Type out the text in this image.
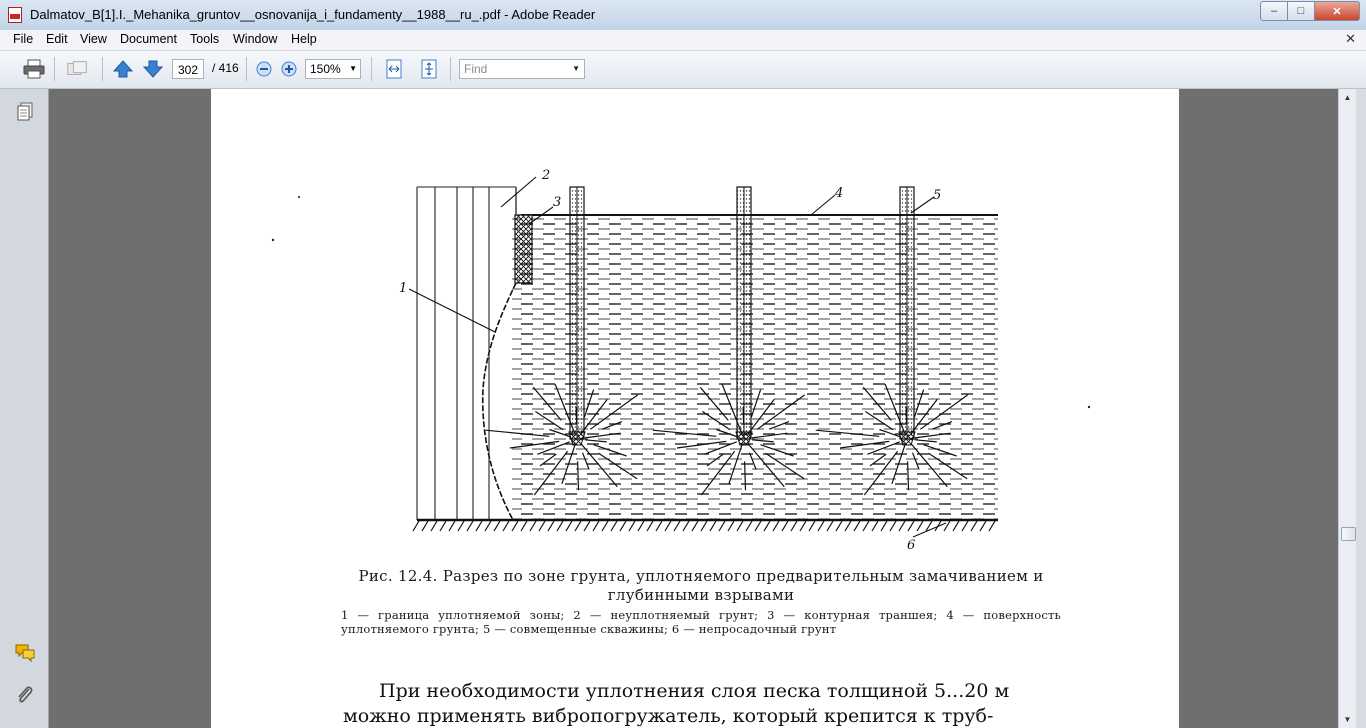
Dalmatov_B[1].I._Mehanika_gruntov__osnovanija_i_fundamenty__1988__ru_.pdf - Adobe Reader	–	□	✕
File Edit View Document Tools Window Help	✕
302	/ 416	150% ▼	Find	▼
1
2
3
4	5
6
Рис. 12.4. Разрез по зоне грунта, уплотняемого предварительным замачиванием и глубинными взрывами
1 — граница уплотняемой зоны; 2 — неуплотняемый грунт; 3 — контурная траншея; 4 — поверхность уплотняемого грунта; 5 — совмещенные скважины; 6 — непросадочный грунт
При необходимости уплотнения слоя песка толщиной 5...20 м
можно применять вибропогружатель, который крепится к труб-
▲
▼
